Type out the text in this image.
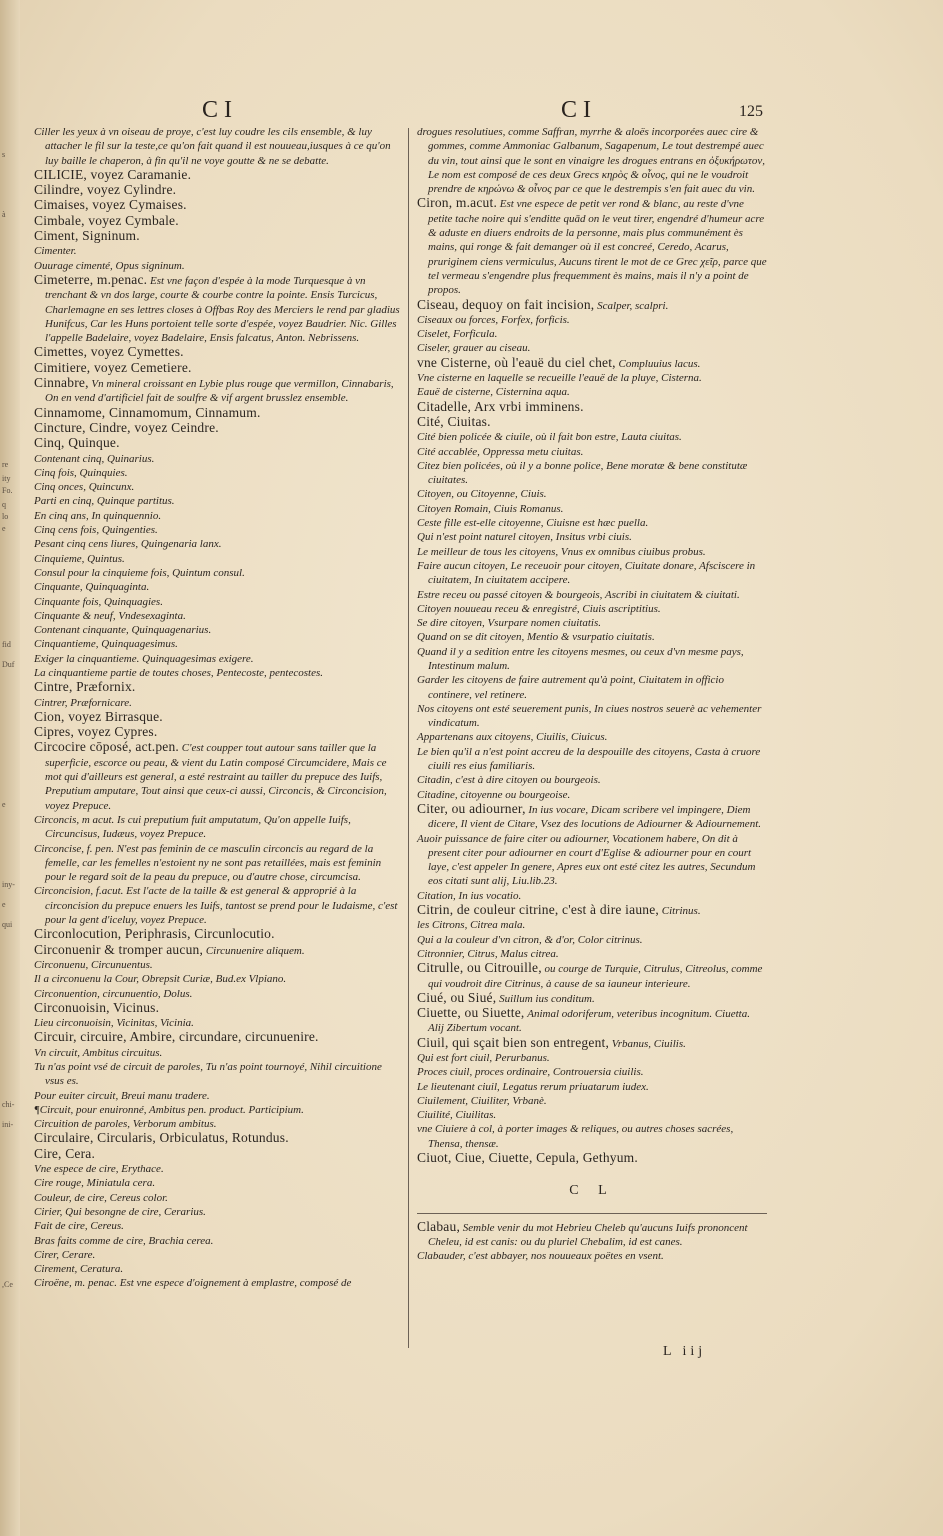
s
à
re
ity
Fo.
q
lo
e
fid
Duf
e
iny-
e
qui
chi-
ini-
,Ce
CI	CI	125

Ciller les yeux à vn oiseau de proye, c'est luy coudre les cils ensemble, & luy attacher le fil sur la teste,ce qu'on fait quand il est nouueau,iusques à ce qu'on luy baille le chaperon, à fin qu'il ne voye goutte & ne se debatte.

CILICIE, voyez Caramanie.

Cilindre, voyez Cylindre.

Cimaises, voyez Cymaises.

Cimbale, voyez Cymbale.

Ciment, Signinum.

Cimenter.

Ouurage cimenté, Opus signinum.

Cimeterre, m.penac. Est vne façon d'espée à la mode Turquesque à vn trenchant & vn dos large, courte & courbe contre la pointe. Ensis Turcicus, Charlemagne en ses lettres closes à Offbas Roy des Merciers le rend par gladius Hunifcus, Car les Huns portoient telle sorte d'espée, voyez Baudrier. Nic. Gilles l'appelle Badelaire, voyez Badelaire, Ensis falcatus, Anton. Nebrissens.

Cimettes, voyez Cymettes.

Cimitiere, voyez Cemetiere.

Cinnabre, Vn mineral croissant en Lybie plus rouge que vermillon, Cinnabaris, On en vend d'artificiel fait de soulfre & vif argent brusslez ensemble.

Cinnamome, Cinnamomum, Cinnamum.

Cincture, Cindre, voyez Ceindre.

Cinq, Quinque.

Contenant cinq, Quinarius.

Cinq fois, Quinquies.

Cinq onces, Quincunx.

Parti en cinq, Quinque partitus.

En cinq ans, In quinquennio.

Cinq cens fois, Quingenties.

Pesant cinq cens liures, Quingenaria lanx.

Cinquieme, Quintus.

Consul pour la cinquieme fois, Quintum consul.

Cinquante, Quinquaginta.

Cinquante fois, Quinquagies.

Cinquante & neuf, Vndesexaginta.

Contenant cinquante, Quinquagenarius.

Cinquantieme, Quinquagesimus.

Exiger la cinquantieme. Quinquagesimas exigere.

La cinquantieme partie de toutes choses, Pentecoste, pentecostes.

Cintre, Præfornix.

Cintrer, Præfornicare.

Cion, voyez Birrasque.

Cipres, voyez Cypres.

Circocire cōposé, act.pen. C'est coupper tout autour sans tailler que la superficie, escorce ou peau, & vient du Latin composé Circumcidere, Mais ce mot qui d'ailleurs est general, a esté restraint au tailler du prepuce des Iuifs, Preputium amputare, Tout ainsi que ceux-ci aussi, Circoncis, & Circoncision, voyez Prepuce.

Circoncis, m acut. Is cui preputium fuit amputatum, Qu'on appelle Iuifs, Circuncisus, Iudæus, voyez Prepuce.

Circoncise, f. pen. N'est pas feminin de ce masculin circoncis au regard de la femelle, car les femelles n'estoient ny ne sont pas retaillées, mais est feminin pour le regard soit de la peau du prepuce, ou d'autre chose, circumcisa.

Circoncision, f.acut. Est l'acte de la taille & est general & approprié à la circoncision du prepuce enuers les Iuifs, tantost se prend pour le Iudaisme, c'est pour la gent d'iceluy, voyez Prepuce.

Circonlocution, Periphrasis, Circunlocutio.

Circonuenir & tromper aucun, Circunuenire aliquem.

Circonuenu, Circunuentus.

Il a circonuenu la Cour, Obrepsit Curiæ, Bud.ex Vlpiano.

Circonuention, circunuentio, Dolus.

Circonuoisin, Vicinus.

Lieu circonuoisin, Vicinitas, Vicinia.

Circuir, circuire, Ambire, circundare, circunuenire.

Vn circuit, Ambitus circuitus.

Tu n'as point vsé de circuit de paroles, Tu n'as point tournoyé, Nihil circuitione vsus es.

Pour euiter circuit, Breui manu tradere.

¶Circuit, pour enuironné, Ambitus pen. product. Participium.

Circuition de paroles, Verborum ambitus.

Circulaire, Circularis, Orbiculatus, Rotundus.

Cire, Cera.

Vne espece de cire, Erythace.

Cire rouge, Miniatula cera.

Couleur, de cire, Cereus color.

Cirier, Qui besongne de cire, Cerarius.

Fait de cire, Cereus.

Bras faits comme de cire, Brachia cerea.

Cirer, Cerare.

Cirement, Ceratura.

Ciroëne, m. penac. Est vne espece d'oignement à emplastre, composé de

drogues resolutiues, comme Saffran, myrrhe & aloës incorporées auec cire & gommes, comme Ammoniac Galbanum, Sagapenum, Le tout destrempé auec du vin, tout ainsi que le sont en vinaigre les drogues entrans en ὀξυκήρωτον, Le nom est composé de ces deux Grecs κηρὸς & οἶνος, qui ne le voudroit prendre de κηρώνω & οἶνος par ce que le destrempis s'en fait auec du vin.

Ciron, m.acut. Est vne espece de petit ver rond & blanc, au reste d'vne petite tache noire qui s'enditte quād on le veut tirer, engendré d'humeur acre & aduste en diuers endroits de la personne, mais plus communément ès mains, qui ronge & fait demanger où il est concreé, Ceredo, Acarus, pruriginem ciens vermiculus, Aucuns tirent le mot de ce Grec χεῖρ, parce que tel vermeau s'engendre plus frequemment ès mains, mais il n'y a point de propos.

Ciseau, dequoy on fait incision, Scalper, scalpri.

Ciseaux ou forces, Forfex, forficis.

Ciselet, Forficula.

Ciseler, grauer au ciseau.

vne Cisterne, où l'eauë du ciel chet, Compluuius lacus.

Vne cisterne en laquelle se recueille l'eauë de la pluye, Cisterna.

Eauë de cisterne, Cisternina aqua.

Citadelle, Arx vrbi imminens.

Cité, Ciuitas.

Cité bien policée & ciuile, où il fait bon estre, Lauta ciuitas.

Cité accablée, Oppressa metu ciuitas.

Citez bien policées, où il y a bonne police, Bene moratæ & bene constitutæ ciuitates.

Citoyen, ou Citoyenne, Ciuis.

Citoyen Romain, Ciuis Romanus.

Ceste fille est-elle citoyenne, Ciuisne est hæc puella.

Qui n'est point naturel citoyen, Insitus vrbi ciuis.

Le meilleur de tous les citoyens, Vnus ex omnibus ciuibus probus.

Faire aucun citoyen, Le receuoir pour citoyen, Ciuitate donare, Afsciscere in ciuitatem, In ciuitatem accipere.

Estre receu ou passé citoyen & bourgeois, Ascribi in ciuitatem & ciuitati.

Citoyen nouueau receu & enregistré, Ciuis ascriptitius.

Se dire citoyen, Vsurpare nomen ciuitatis.

Quand on se dit citoyen, Mentio & vsurpatio ciuitatis.

Quand il y a sedition entre les citoyens mesmes, ou ceux d'vn mesme pays, Intestinum malum.

Garder les citoyens de faire autrement qu'à point, Ciuitatem in officio continere, vel retinere.

Nos citoyens ont esté seuerement punis, In ciues nostros seuerè ac vehementer vindicatum.

Appartenans aux citoyens, Ciuilis, Ciuicus.

Le bien qu'il a n'est point accreu de la despouille des citoyens, Casta à cruore ciuili res eius familiaris.

Citadin, c'est à dire citoyen ou bourgeois.

Citadine, citoyenne ou bourgeoise.

Citer, ou adiourner, In ius vocare, Dicam scribere vel impingere, Diem dicere, Il vient de Citare, Vsez des locutions de Adiourner & Adiournement.

Auoir puissance de faire citer ou adiourner, Vocationem habere, On dit à present citer pour adiourner en court d'Eglise & adiourner pour en court laye, c'est appeler In genere, Apres eux ont esté citez les autres, Secundum eos citati sunt alij, Liu.lib.23.

Citation, In ius vocatio.

Citrin, de couleur citrine, c'est à dire iaune, Citrinus.

les Citrons, Citrea mala.

Qui a la couleur d'vn citron, & d'or, Color citrinus.

Citronnier, Citrus, Malus citrea.

Citrulle, ou Citrouille, ou courge de Turquie, Citrulus, Citreolus, comme qui voudroit dire Citrinus, à cause de sa iauneur interieure.

Ciué, ou Siué, Suillum ius conditum.

Ciuette, ou Siuette, Animal odoriferum, veteribus incognitum. Ciuetta. Alij Zibertum vocant.

Ciuil, qui sçait bien son entregent, Vrbanus, Ciuilis.

Qui est fort ciuil, Perurbanus.

Proces ciuil, proces ordinaire, Controuersia ciuilis.

Le lieutenant ciuil, Legatus rerum priuatarum iudex.

Ciuilement, Ciuiliter, Vrbanè.

Ciuilité, Ciuilitas.

vne Ciuiere à col, à porter images & reliques, ou autres choses sacrées, Thensa, thensæ.

Ciuot, Ciue, Ciuette, Cepula, Gethyum.

C L

Clabau, Semble venir du mot Hebrieu Cheleb qu'aucuns Iuifs prononcent Cheleu, id est canis: ou du pluriel Chebalim, id est canes.

Clabauder, c'est abbayer, nos nouueaux poëtes en vsent.

L iij
